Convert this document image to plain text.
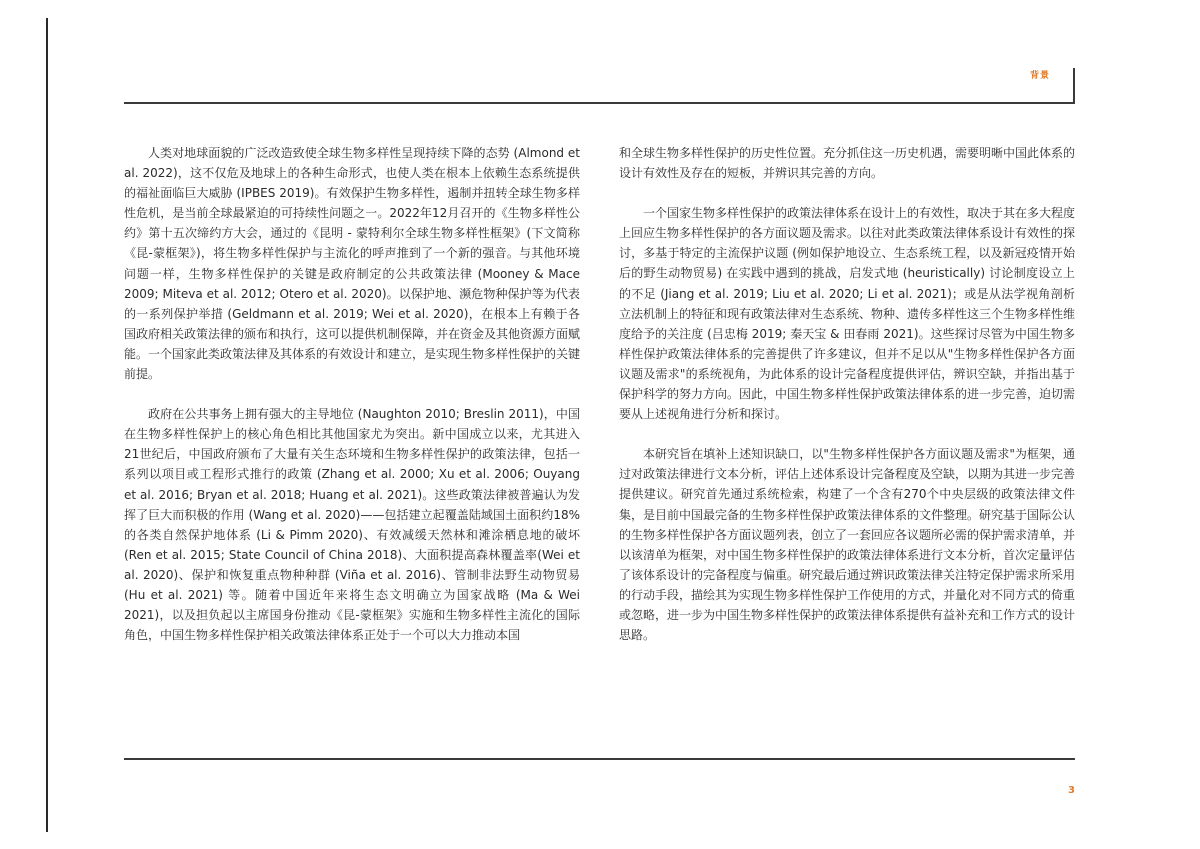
背景

人类对地球面貌的广泛改造致使全球生物多样性呈现持续下降的态势 (Almond et al. 2022)，这不仅危及地球上的各种生命形式，也使人类在根本上依赖生态系统提供的福祉面临巨大威胁 (IPBES 2019)。有效保护生物多样性，遏制并扭转全球生物多样性危机，是当前全球最紧迫的可持续性问题之一。2022年12月召开的《生物多样性公约》第十五次缔约方大会，通过的《昆明 - 蒙特利尔全球生物多样性框架》(下文简称《昆-蒙框架》)，将生物多样性保护与主流化的呼声推到了一个新的强音。与其他环境问题一样，生物多样性保护的关键是政府制定的公共政策法律 (Mooney & Mace 2009; Miteva et al. 2012; Otero et al. 2020)。以保护地、濒危物种保护等为代表的一系列保护举措 (Geldmann et al. 2019; Wei et al. 2020)，在根本上有赖于各国政府相关政策法律的颁布和执行，这可以提供机制保障，并在资金及其他资源方面赋能。一个国家此类政策法律及其体系的有效设计和建立，是实现生物多样性保护的关键前提。

政府在公共事务上拥有强大的主导地位 (Naughton 2010; Breslin 2011)，中国在生物多样性保护上的核心角色相比其他国家尤为突出。新中国成立以来，尤其进入21世纪后，中国政府颁布了大量有关生态环境和生物多样性保护的政策法律，包括一系列以项目或工程形式推行的政策 (Zhang et al. 2000; Xu et al. 2006; Ouyang et al. 2016; Bryan et al. 2018; Huang et al. 2021)。这些政策法律被普遍认为发挥了巨大而积极的作用 (Wang et al. 2020)——包括建立起覆盖陆域国土面积约18%的各类自然保护地体系 (Li & Pimm 2020)、有效减缓天然林和滩涂栖息地的破坏 (Ren et al. 2015; State Council of China 2018)、大面积提高森林覆盖率(Wei et al. 2020)、保护和恢复重点物种种群 (Viña et al. 2016)、管制非法野生动物贸易 (Hu et al. 2021) 等。随着中国近年来将生态文明确立为国家战略 (Ma & Wei 2021)，以及担负起以主席国身份推动《昆-蒙框架》实施和生物多样性主流化的国际角色，中国生物多样性保护相关政策法律体系正处于一个可以大力推动本国

和全球生物多样性保护的历史性位置。充分抓住这一历史机遇，需要明晰中国此体系的设计有效性及存在的短板，并辨识其完善的方向。

一个国家生物多样性保护的政策法律体系在设计上的有效性，取决于其在多大程度上回应生物多样性保护的各方面议题及需求。以往对此类政策法律体系设计有效性的探讨，多基于特定的主流保护议题 (例如保护地设立、生态系统工程，以及新冠疫情开始后的野生动物贸易) 在实践中遇到的挑战，启发式地 (heuristically) 讨论制度设立上的不足 (Jiang et al. 2019; Liu et al. 2020; Li et al. 2021)；或是从法学视角剖析立法机制上的特征和现有政策法律对生态系统、物种、遗传多样性这三个生物多样性维度给予的关注度 (吕忠梅 2019; 秦天宝 & 田春雨 2021)。这些探讨尽管为中国生物多样性保护政策法律体系的完善提供了许多建议，但并不足以从"生物多样性保护各方面议题及需求"的系统视角，为此体系的设计完备程度提供评估，辨识空缺，并指出基于保护科学的努力方向。因此，中国生物多样性保护政策法律体系的进一步完善，迫切需要从上述视角进行分析和探讨。

本研究旨在填补上述知识缺口，以"生物多样性保护各方面议题及需求"为框架，通过对政策法律进行文本分析，评估上述体系设计完备程度及空缺，以期为其进一步完善提供建议。研究首先通过系统检索，构建了一个含有270个中央层级的政策法律文件集，是目前中国最完备的生物多样性保护政策法律体系的文件整理。研究基于国际公认的生物多样性保护各方面议题列表，创立了一套回应各议题所必需的保护需求清单，并以该清单为框架，对中国生物多样性保护的政策法律体系进行文本分析，首次定量评估了该体系设计的完备程度与偏重。研究最后通过辨识政策法律关注特定保护需求所采用的行动手段，描绘其为实现生物多样性保护工作使用的方式，并量化对不同方式的倚重或忽略，进一步为中国生物多样性保护的政策法律体系提供有益补充和工作方式的设计思路。

3
